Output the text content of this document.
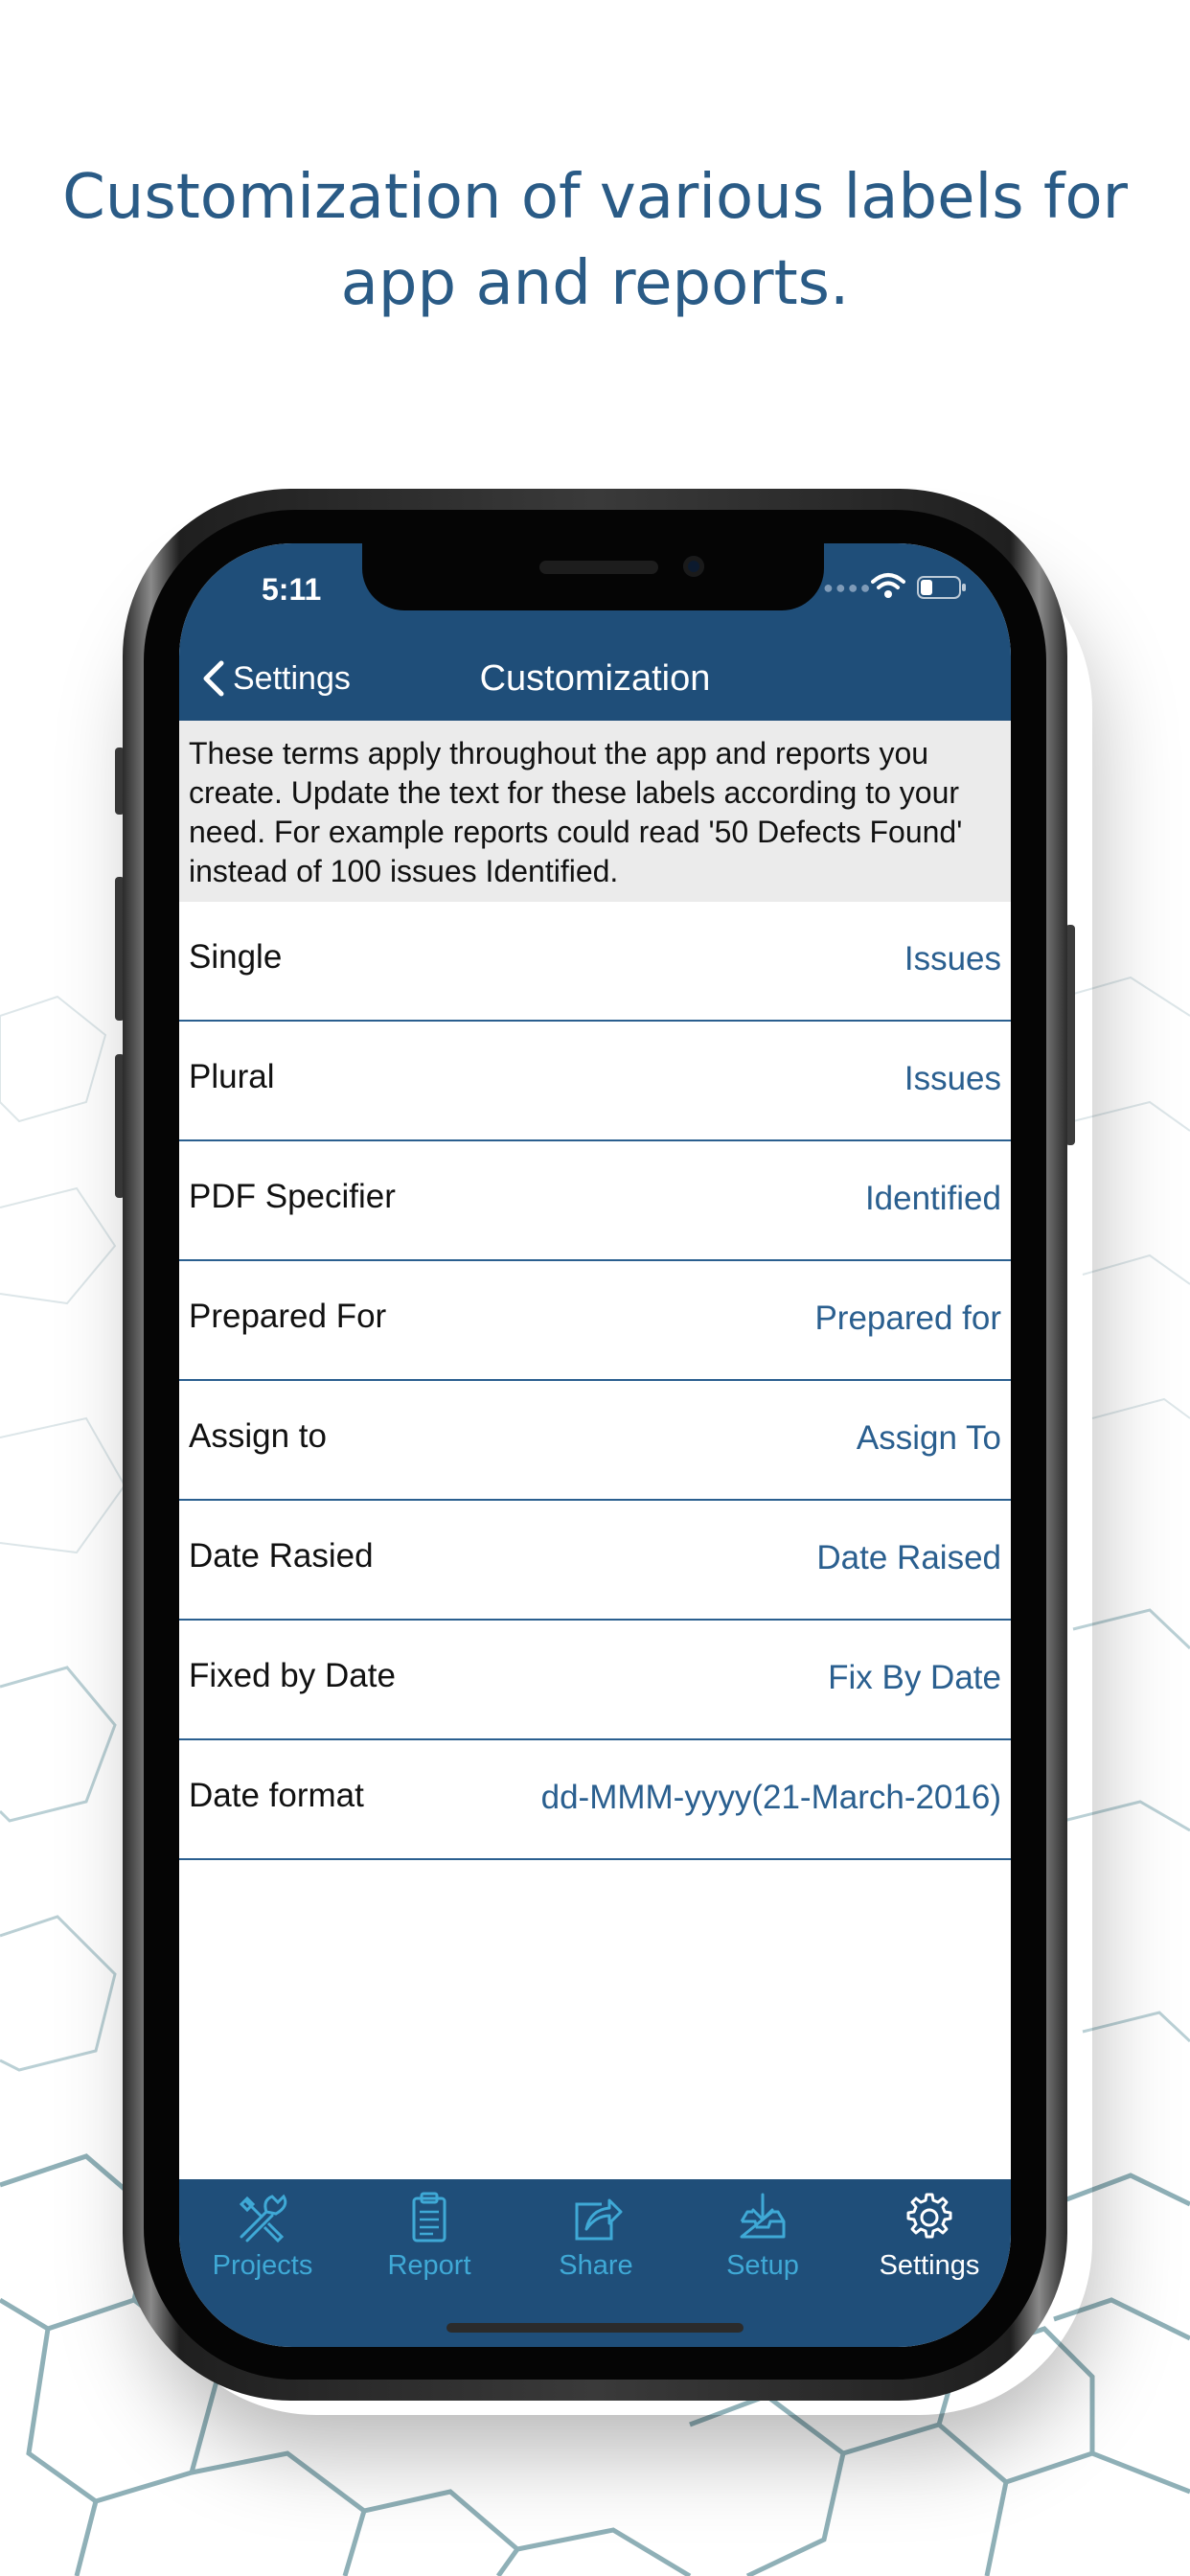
Customization of various labels for
app and reports.
5:11	●●●●
Settings	Customization
These terms apply throughout the app and reports you create. Update the text for these labels according to your need. For example reports could read '50 Defects Found' instead of 100 issues Identified.
Single	Issues
Plural	Issues
PDF Specifier	Identified
Prepared For	Prepared for
Assign to	Assign To
Date Rasied	Date Raised
Fixed by Date	Fix By Date
Date format	dd-MMM-yyyy(21-March-2016)
Projects	Report	Share	Setup	Settings
